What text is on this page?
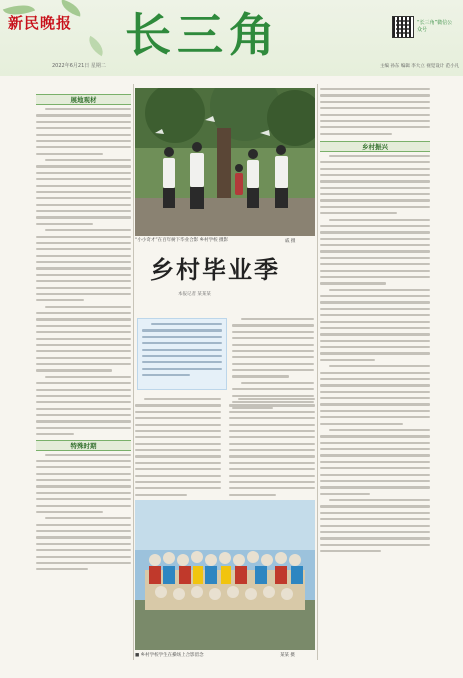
新民晚报 长三角
2022年6月21日 星期二
“长三角”微信公众号
主编 孙东 编辑 李大立 视觉设计 范小凡
展地观材
特殊时期
“小小奇才”在百年树下毕业合影 乡村学校 摄影	戚 摄
乡村毕业季
本报记者 某某某
■ 乡村学校学生在操场上合影留念	某某 摄
乡村振兴
